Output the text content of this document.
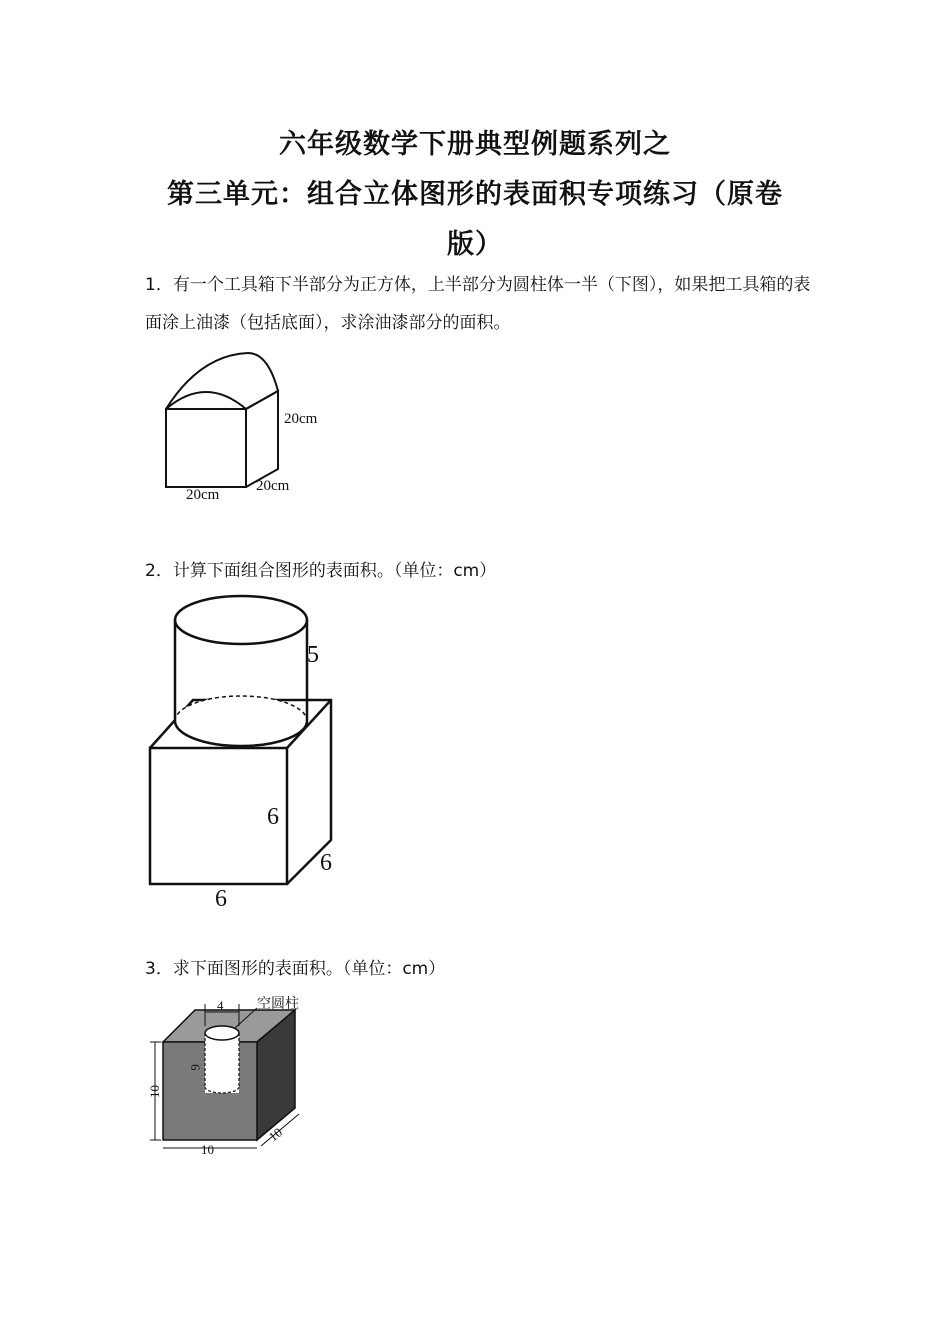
六年级数学下册典型例题系列之
第三单元：组合立体图形的表面积专项练习（原卷
版）
1．有一个工具箱下半部分为正方体，上半部分为圆柱体一半（下图），如果把工具箱的表面涂上油漆（包括底面），求涂油漆部分的面积。
20cm
20cm
20cm
2．计算下面组合图形的表面积。（单位：cm）
5
6
6
6
3．求下面图形的表面积。（单位：cm）
4 空圆柱
6
10
10
10
